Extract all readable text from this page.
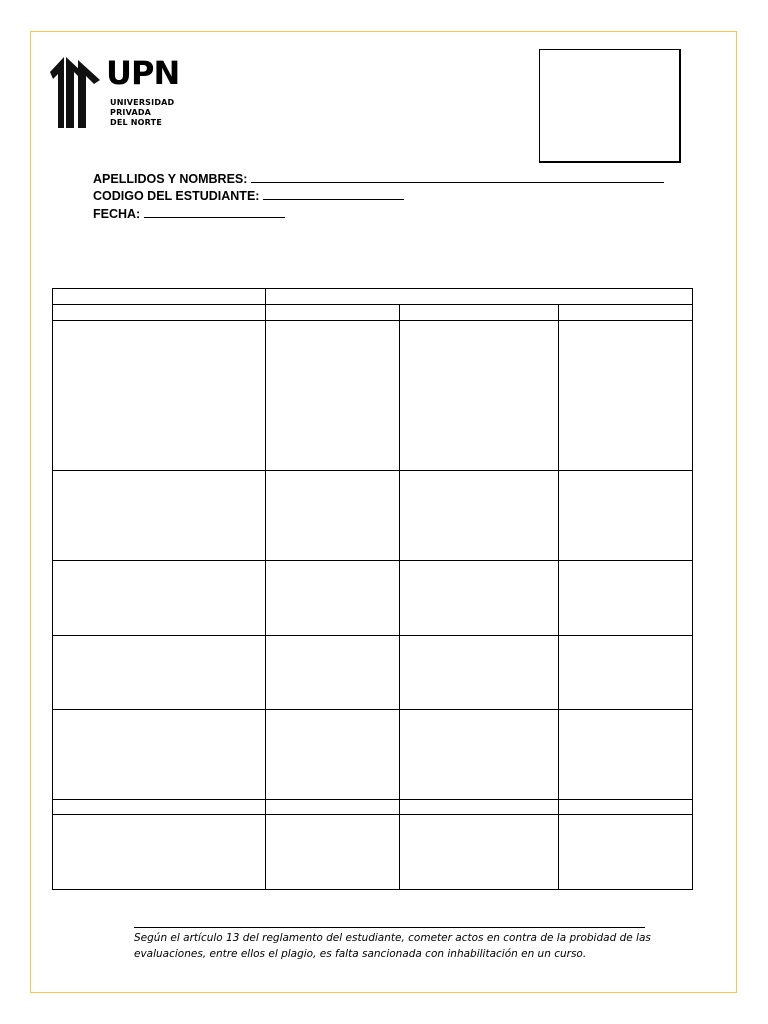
UPN
UNIVERSIDAD
PRIVADA
DEL NORTE
APELLIDOS Y NOMBRES:
CODIGO DEL ESTUDIANTE:
FECHA:
Según el artículo 13 del reglamento del estudiante, cometer actos en contra de la probidad de las
evaluaciones, entre ellos el plagio, es falta sancionada con inhabilitación en un curso.
